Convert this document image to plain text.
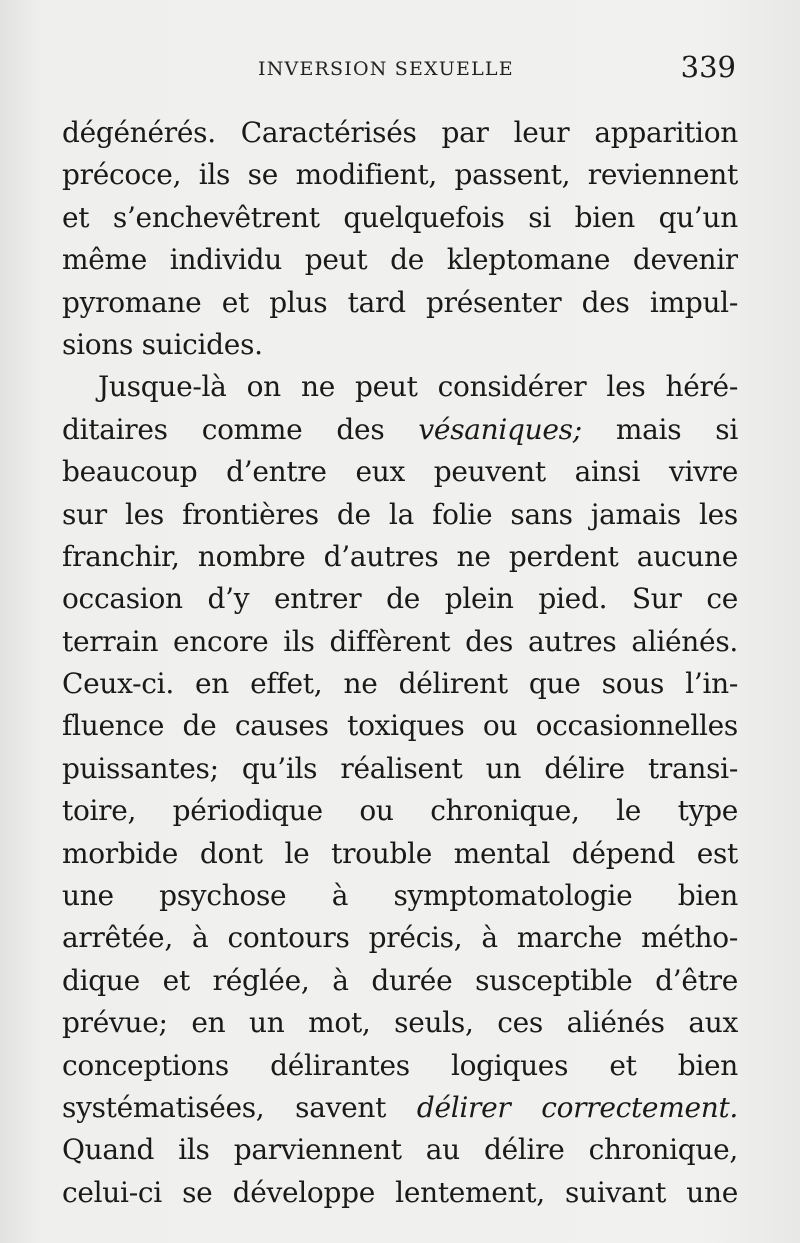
INVERSION SEXUELLE	339
dégénérés. Caractérisés par leur apparition
précoce, ils se modifient, passent, reviennent
et s’enchevêtrent quelquefois si bien qu’un
même individu peut de kleptomane devenir
pyromane et plus tard présenter des impul-
sions suicides.
Jusque-là on ne peut considérer les héré-
ditaires comme des vésaniques; mais si
beaucoup d’entre eux peuvent ainsi vivre
sur les frontières de la folie sans jamais les
franchir, nombre d’autres ne perdent aucune
occasion d’y entrer de plein pied. Sur ce
terrain encore ils diffèrent des autres aliénés.
Ceux-ci. en effet, ne délirent que sous l’in-
fluence de causes toxiques ou occasionnelles
puissantes; qu’ils réalisent un délire transi-
toire, périodique ou chronique, le type
morbide dont le trouble mental dépend est
une psychose à symptomatologie bien
arrêtée, à contours précis, à marche métho-
dique et réglée, à durée susceptible d’être
prévue; en un mot, seuls, ces aliénés aux
conceptions délirantes logiques et bien
systématisées, savent délirer correctement.
Quand ils parviennent au délire chronique,
celui-ci se développe lentement, suivant une
